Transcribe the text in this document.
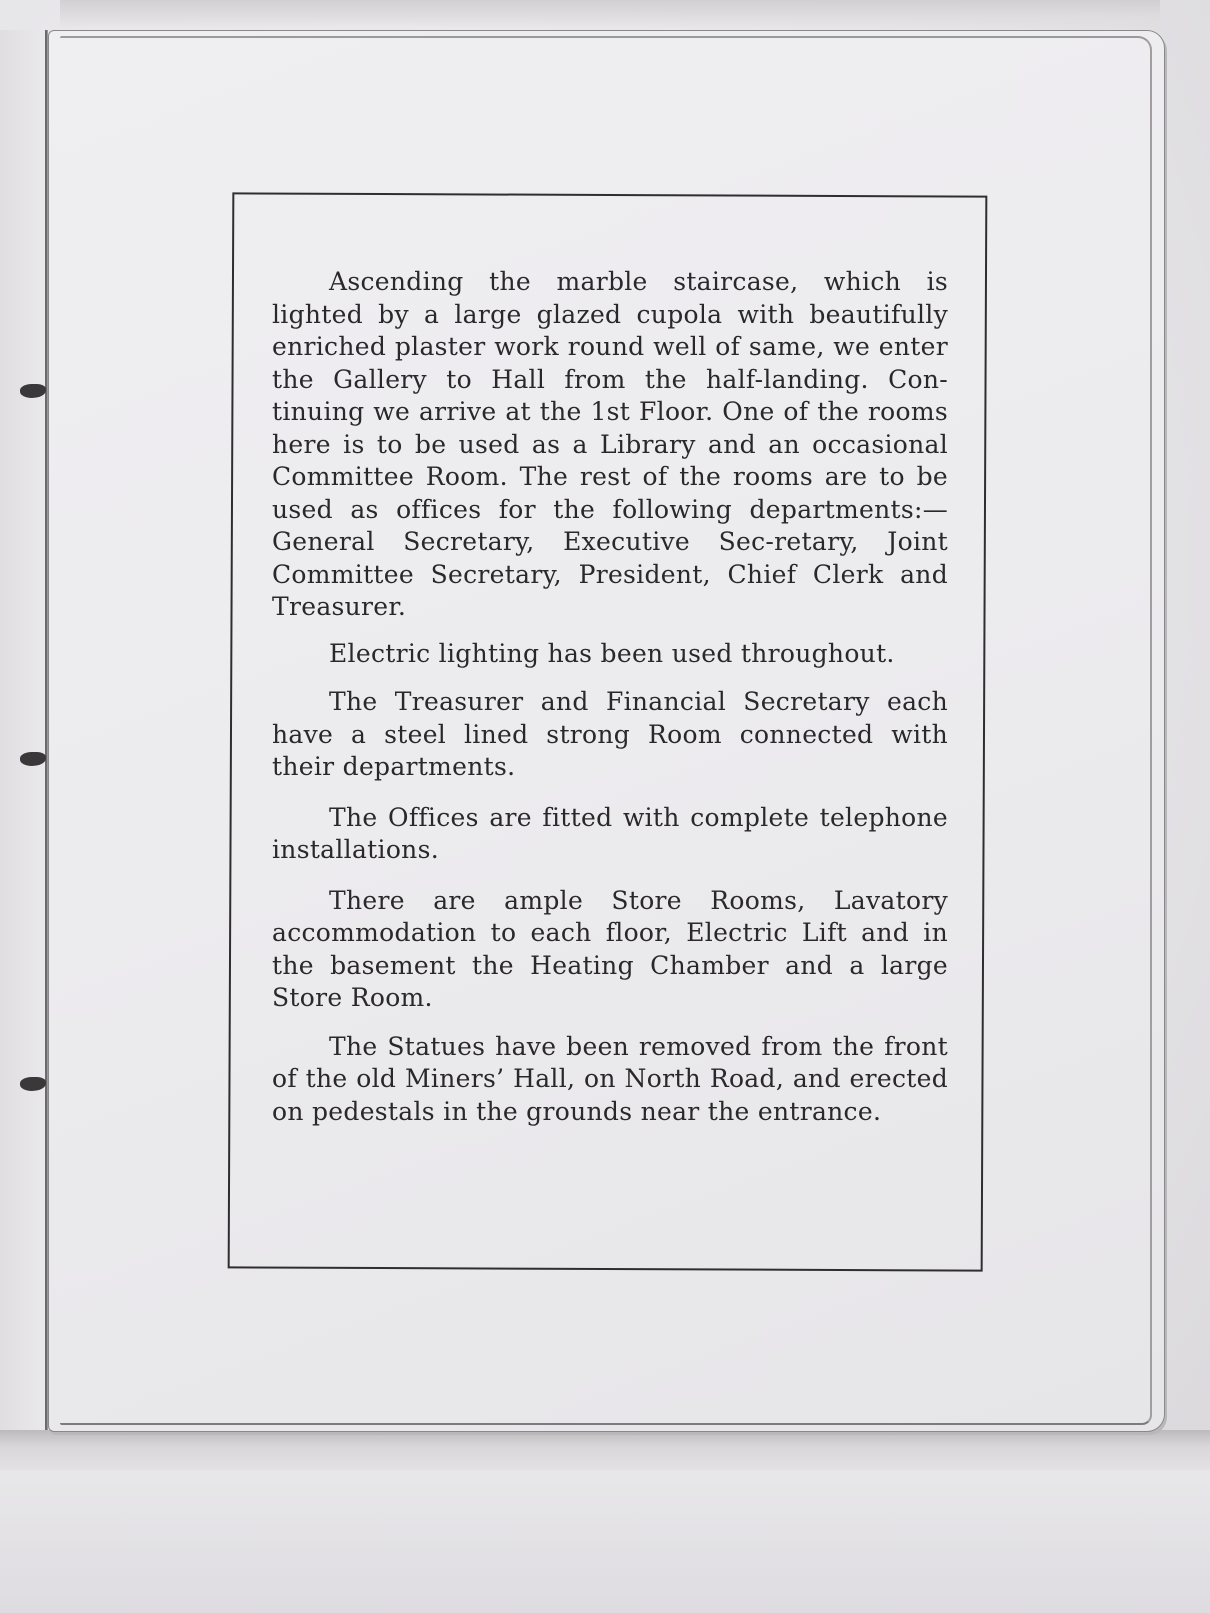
Ascending the marble staircase, which is lighted by a large glazed cupola with beautifully enriched plaster work round well of same, we enter the Gallery to Hall from the half-landing. Con-tinuing we arrive at the 1st Floor. One of the rooms here is to be used as a Library and an occasional Committee Room. The rest of the rooms are to be used as offices for the following departments:—General Secretary, Executive Sec-retary, Joint Committee Secretary, President, Chief Clerk and Treasurer.

Electric lighting has been used throughout.

The Treasurer and Financial Secretary each have a steel lined strong Room connected with their departments.

The Offices are fitted with complete telephone installations.

There are ample Store Rooms, Lavatory accommodation to each floor, Electric Lift and in the basement the Heating Chamber and a large Store Room.

The Statues have been removed from the front of the old Miners’ Hall, on North Road, and erected on pedestals in the grounds near the entrance.
